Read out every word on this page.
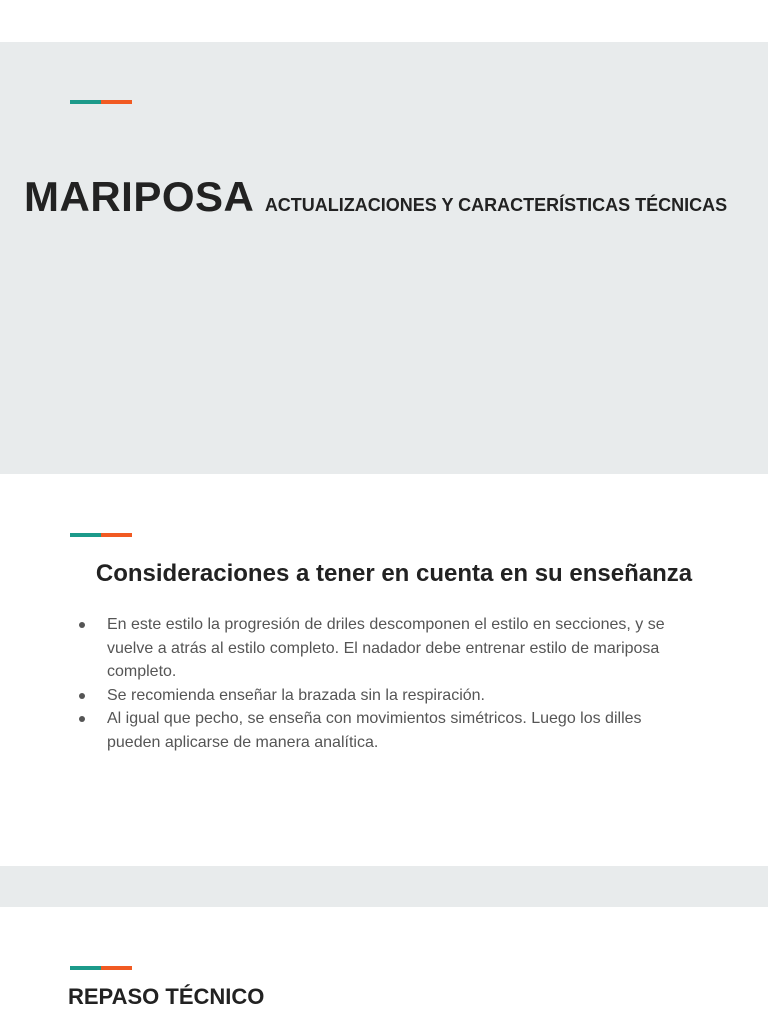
MARIPOSA ACTUALIZACIONES Y CARACTERÍSTICAS TÉCNICAS
Consideraciones a tener en cuenta en su enseñanza
En este estilo la progresión de driles descomponen el estilo en secciones, y se vuelve a atrás al estilo completo. El nadador debe entrenar estilo de mariposa completo.
Se recomienda enseñar la brazada sin la respiración.
Al igual que pecho, se enseña con movimientos simétricos. Luego los dilles pueden aplicarse de manera analítica.
REPASO TÉCNICO
